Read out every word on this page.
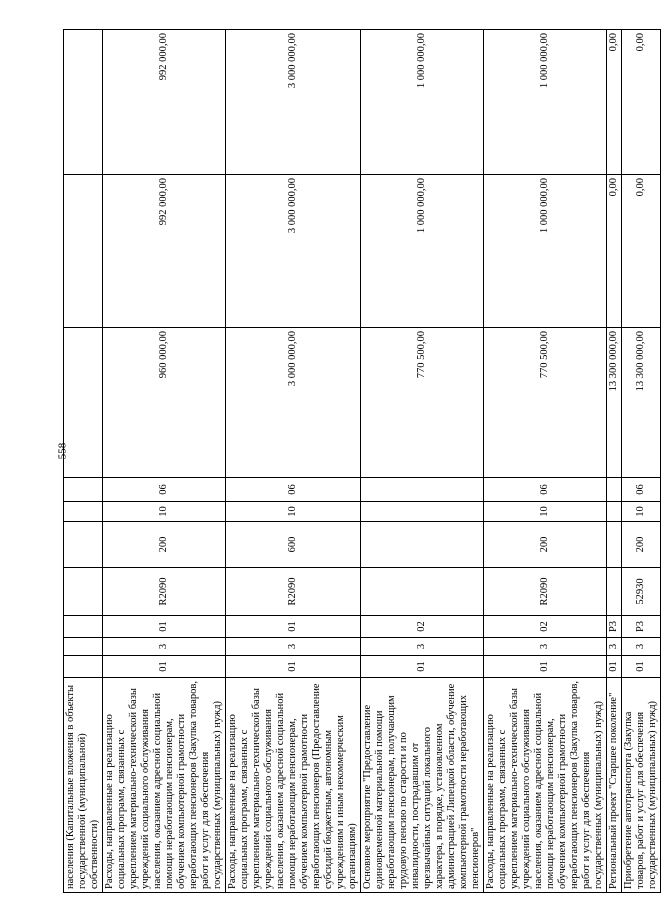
558
населения (Капитальные вложения в объекты государственной (муниципальной) собственности)										
Расходы, направленные на реализацию социальных программ, связанных с укреплением материально-технической базы учреждений социального обслуживания населения, оказанием адресной социальной помощи неработающим пенсионерам, обучением компьютерной грамотности неработающих пенсионеров (Закупка товаров, работ и услуг для обеспечения государственных (муниципальных) нужд)	01	3	01	R2090	200	10	06	960 000,00	992 000,00	992 000,00
Расходы, направленные на реализацию социальных программ, связанных с укреплением материально-технической базы учреждений социального обслуживания населения, оказанием адресной социальной помощи неработающим пенсионерам, обучением компьютерной грамотности неработающих пенсионеров (Предоставление субсидий бюджетным, автономным учреждениям и иным некоммерческим организациям)	01	3	01	R2090	600	10	06	3 000 000,00	3 000 000,00	3 000 000,00
Основное мероприятие "Предоставление единовременной материальной помощи неработающим пенсионерам, получающим трудовую пенсию по старости и по инвалидности, пострадавшим от чрезвычайных ситуаций локального характера, в порядке, установленном администрацией Липецкой области, обучение компьютерной грамотности неработающих пенсионеров"	01	3	02					770 500,00	1 000 000,00	1 000 000,00
Расходы, направленные на реализацию социальных программ, связанных с укреплением материально-технической базы учреждений социального обслуживания населения, оказанием адресной социальной помощи неработающим пенсионерам, обучением компьютерной грамотности неработающих пенсионеров (Закупка товаров, работ и услуг для обеспечения государственных (муниципальных) нужд)	01	3	02	R2090	200	10	06	770 500,00	1 000 000,00	1 000 000,00
Региональный проект "Старшее поколение"	01	3	P3					13 300 000,00	0,00	0,00
Приобретение автотранспорта (Закупка товаров, работ и услуг для обеспечения государственных (муниципальных) нужд)	01	3	P3	52930	200	10	06	13 300 000,00	0,00	0,00
